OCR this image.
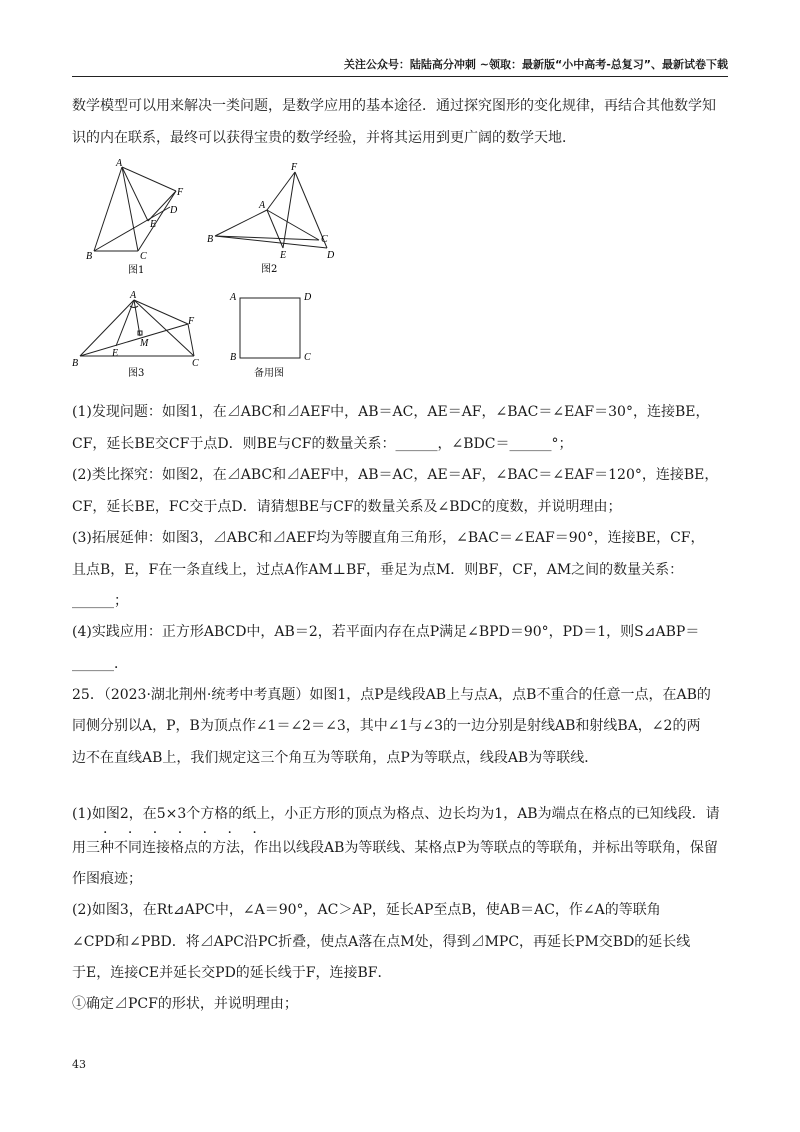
关注公众号：陆陆高分冲刺 ~领取：最新版“小中高考-总复习”、最新试卷下载
数学模型可以用来解决一类问题，是数学应用的基本途径．通过探究图形的变化规律，再结合其他数学知
识的内在联系，最终可以获得宝贵的数学经验，并将其运用到更广阔的数学天地．
A
B	C
D
E
F
图1
A
B	C
D
E
F
图2
A
B	C
E
F
M
图3
A	D
B	C
备用图
(1)发现问题：如图1，在⊿ABC和⊿AEF中，AB＝AC，AE＝AF，∠BAC＝∠EAF＝30°，连接BE，
CF，延长BE交CF于点D．则BE与CF的数量关系：______，∠BDC＝______°；
(2)类比探究：如图2，在⊿ABC和⊿AEF中，AB＝AC，AE＝AF，∠BAC＝∠EAF＝120°，连接BE，
CF，延长BE，FC交于点D．请猜想BE与CF的数量关系及∠BDC的度数，并说明理由；
(3)拓展延伸：如图3，⊿ABC和⊿AEF均为等腰直角三角形，∠BAC＝∠EAF＝90°，连接BE，CF，
且点B，E，F在一条直线上，过点A作AM⊥BF，垂足为点M．则BF，CF，AM之间的数量关系：
______；
(4)实践应用：正方形ABCD中，AB＝2，若平面内存在点P满足∠BPD＝90°，PD＝1，则S⊿ABP＝
______．
25．（2023·湖北荆州·统考中考真题）如图1，点P是线段AB上与点A，点B不重合的任意一点，在AB的
同侧分别以A，P，B为顶点作∠1＝∠2＝∠3，其中∠1与∠3的一边分别是射线AB和射线BA，∠2的两
边不在直线AB上，我们规定这三个角互为等联角，点P为等联点，线段AB为等联线．
(1)如图2，在5×3个方格的纸上，小正方形的顶点为格点、边长均为1，AB为端点在格点的已知线段．请
· · · · · · ·
用三种不同连接格点的方法，作出以线段AB为等联线、某格点P为等联点的等联角，并标出等联角，保留
作图痕迹；
(2)如图3，在Rt⊿APC中，∠A＝90°，AC＞AP，延长AP至点B，使AB＝AC，作∠A的等联角
∠CPD和∠PBD．将⊿APC沿PC折叠，使点A落在点M处，得到⊿MPC，再延长PM交BD的延长线
于E，连接CE并延长交PD的延长线于F，连接BF．
①确定⊿PCF的形状，并说明理由；
43
